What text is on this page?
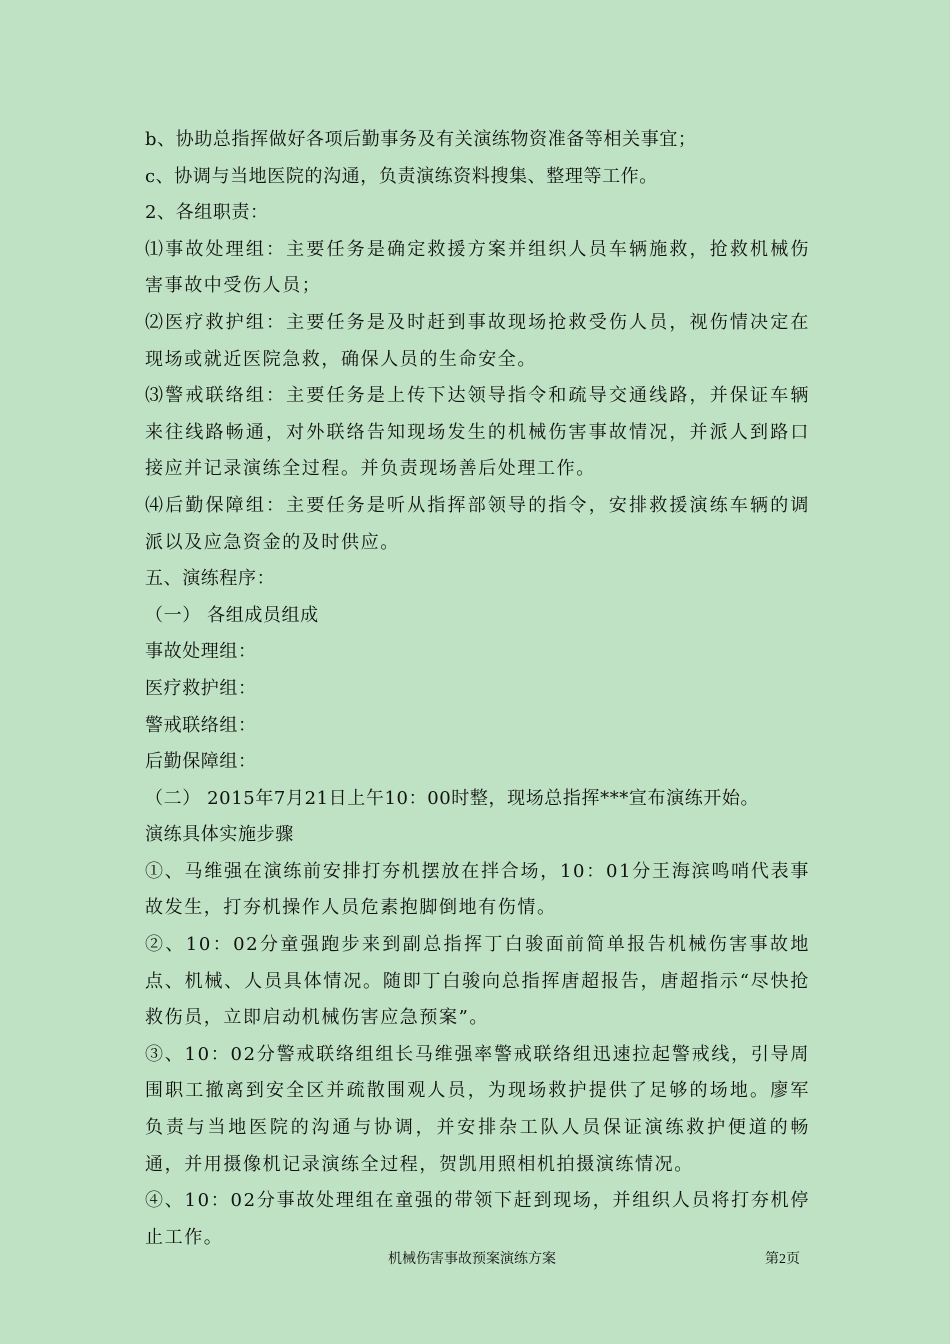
b、协助总指挥做好各项后勤事务及有关演练物资准备等相关事宜；

c、协调与当地医院的沟通，负责演练资料搜集、整理等工作。

2、各组职责：

⑴事故处理组：主要任务是确定救援方案并组织人员车辆施救，抢救机械伤害事故中受伤人员；

⑵医疗救护组：主要任务是及时赶到事故现场抢救受伤人员，视伤情决定在现场或就近医院急救，确保人员的生命安全。

⑶警戒联络组：主要任务是上传下达领导指令和疏导交通线路，并保证车辆来往线路畅通，对外联络告知现场发生的机械伤害事故情况，并派人到路口接应并记录演练全过程。并负责现场善后处理工作。

⑷后勤保障组：主要任务是听从指挥部领导的指令，安排救援演练车辆的调派以及应急资金的及时供应。

五、演练程序：

（一） 各组成员组成

事故处理组：

医疗救护组：

警戒联络组：

后勤保障组：

（二） 2015年7月21日上午10：00时整，现场总指挥***宣布演练开始。

演练具体实施步骤

①、马维强在演练前安排打夯机摆放在拌合场，10：01分王海滨鸣哨代表事故发生，打夯机操作人员危素抱脚倒地有伤情。

②、10：02分童强跑步来到副总指挥丁白骏面前简单报告机械伤害事故地点、机械、人员具体情况。随即丁白骏向总指挥唐超报告，唐超指示“尽快抢救伤员，立即启动机械伤害应急预案”。

③、10：02分警戒联络组组长马维强率警戒联络组迅速拉起警戒线，引导周围职工撤离到安全区并疏散围观人员，为现场救护提供了足够的场地。廖军负责与当地医院的沟通与协调，并安排杂工队人员保证演练救护便道的畅通，并用摄像机记录演练全过程，贺凯用照相机拍摄演练情况。

④、10：02分事故处理组在童强的带领下赶到现场，并组织人员将打夯机停止工作。

机械伤害事故预案演练方案	第2页
